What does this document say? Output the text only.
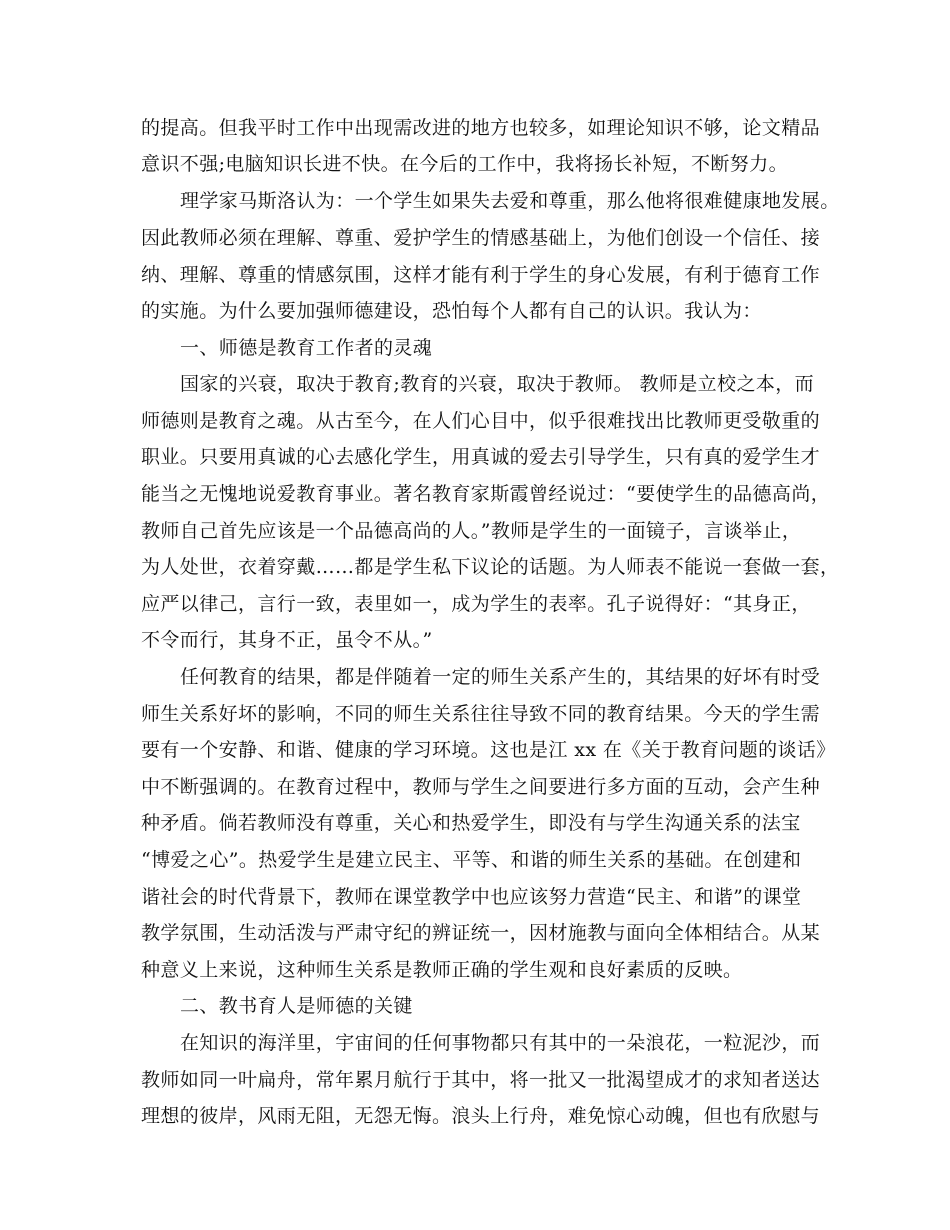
的提高。但我平时工作中出现需改进的地方也较多，如理论知识不够，论文精品
意识不强;电脑知识长进不快。在今后的工作中，我将扬长补短，不断努力。
理学家马斯洛认为：一个学生如果失去爱和尊重，那么他将很难健康地发展。
因此教师必须在理解、尊重、爱护学生的情感基础上，为他们创设一个信任、接
纳、理解、尊重的情感氛围，这样才能有利于学生的身心发展，有利于德育工作
的实施。为什么要加强师德建设，恐怕每个人都有自己的认识。我认为：
一、师德是教育工作者的灵魂
国家的兴衰，取决于教育;教育的兴衰，取决于教师。 教师是立校之本，而
师德则是教育之魂。从古至今，在人们心目中，似乎很难找出比教师更受敬重的
职业。只要用真诚的心去感化学生，用真诚的爱去引导学生，只有真的爱学生才
能当之无愧地说爱教育事业。著名教育家斯霞曾经说过：“要使学生的品德高尚，
教师自己首先应该是一个品德高尚的人。”教师是学生的一面镜子，言谈举止，
为人处世，衣着穿戴……都是学生私下议论的话题。为人师表不能说一套做一套，
应严以律己，言行一致，表里如一，成为学生的表率。孔子说得好：“其身正，
不令而行，其身不正，虽令不从。”
任何教育的结果，都是伴随着一定的师生关系产生的，其结果的好坏有时受
师生关系好坏的影响，不同的师生关系往往导致不同的教育结果。今天的学生需
要有一个安静、和谐、健康的学习环境。这也是江 xx 在《关于教育问题的谈话》
中不断强调的。在教育过程中，教师与学生之间要进行多方面的互动，会产生种
种矛盾。倘若教师没有尊重，关心和热爱学生，即没有与学生沟通关系的法宝
“博爱之心”。热爱学生是建立民主、平等、和谐的师生关系的基础。在创建和
谐社会的时代背景下，教师在课堂教学中也应该努力营造“民主、和谐”的课堂
教学氛围，生动活泼与严肃守纪的辨证统一，因材施教与面向全体相结合。从某
种意义上来说，这种师生关系是教师正确的学生观和良好素质的反映。
二、教书育人是师德的关键
在知识的海洋里，宇宙间的任何事物都只有其中的一朵浪花，一粒泥沙，而
教师如同一叶扁舟，常年累月航行于其中，将一批又一批渴望成才的求知者送达
理想的彼岸，风雨无阻，无怨无悔。浪头上行舟，难免惊心动魄，但也有欣慰与
